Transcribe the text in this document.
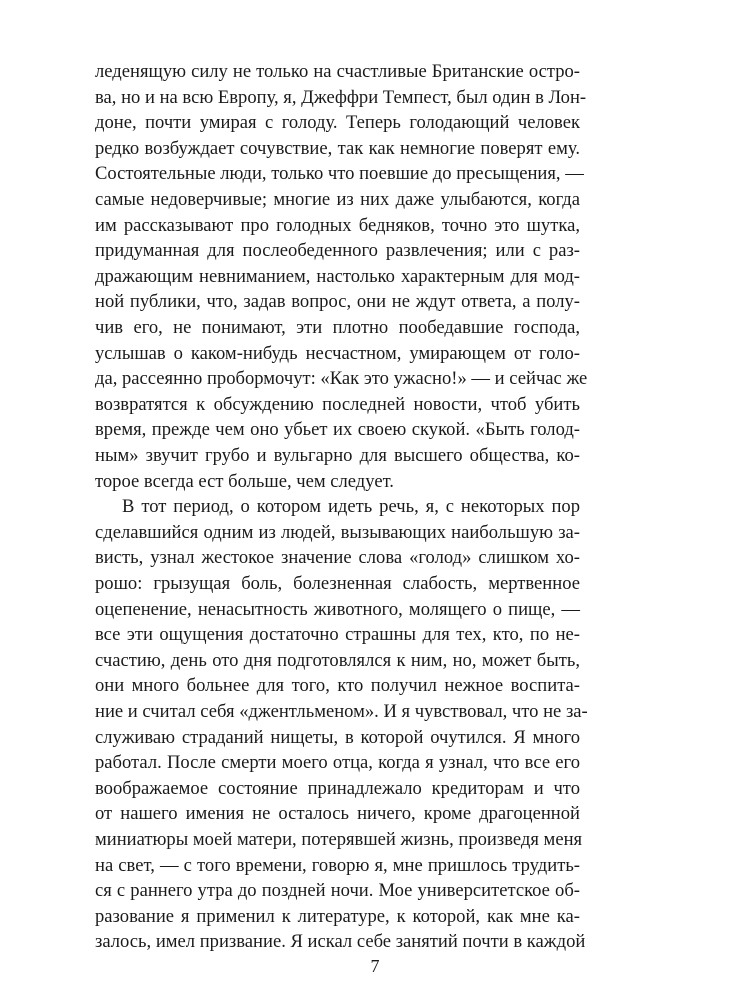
леденящую силу не только на счастливые Британские остро-
ва, но и на всю Европу, я, Джеффри Темпест, был один в Лон-
доне, почти умирая с голоду. Теперь голодающий человек
редко возбуждает сочувствие, так как немногие поверят ему.
Состоятельные люди, только что поевшие до пресыщения, —
самые недоверчивые; многие из них даже улыбаются, когда
им рассказывают про голодных бедняков, точно это шутка,
придуманная для послеобеденного развлечения; или с раз-
дражающим невниманием, настолько характерным для мод-
ной публики, что, задав вопрос, они не ждут ответа, а полу-
чив его, не понимают, эти плотно пообедавшие господа,
услышав о каком-нибудь несчастном, умирающем от голо-
да, рассеянно пробормочут: «Как это ужасно!» — и сейчас же
возвратятся к обсуждению последней новости, чтоб убить
время, прежде чем оно убьет их своею скукой. «Быть голод-
ным» звучит грубо и вульгарно для высшего общества, ко-
торое всегда ест больше, чем следует.
В тот период, о котором идеть речь, я, с некоторых пор
сделавшийся одним из людей, вызывающих наибольшую за-
висть, узнал жестокое значение слова «голод» слишком хо-
рошо: грызущая боль, болезненная слабость, мертвенное
оцепенение, ненасытность животного, молящего о пище, —
все эти ощущения достаточно страшны для тех, кто, по не-
счастию, день ото дня подготовлялся к ним, но, может быть,
они много больнее для того, кто получил нежное воспита-
ние и считал себя «джентльменом». И я чувствовал, что не за-
служиваю страданий нищеты, в которой очутился. Я много
работал. После смерти моего отца, когда я узнал, что все его
воображаемое состояние принадлежало кредиторам и что
от нашего имения не осталось ничего, кроме драгоценной
миниатюры моей матери, потерявшей жизнь, произведя меня
на свет, — с того времени, говорю я, мне пришлось трудить-
ся с раннего утра до поздней ночи. Мое университетское об-
разование я применил к литературе, к которой, как мне ка-
залось, имел призвание. Я искал себе занятий почти в каждой
7
